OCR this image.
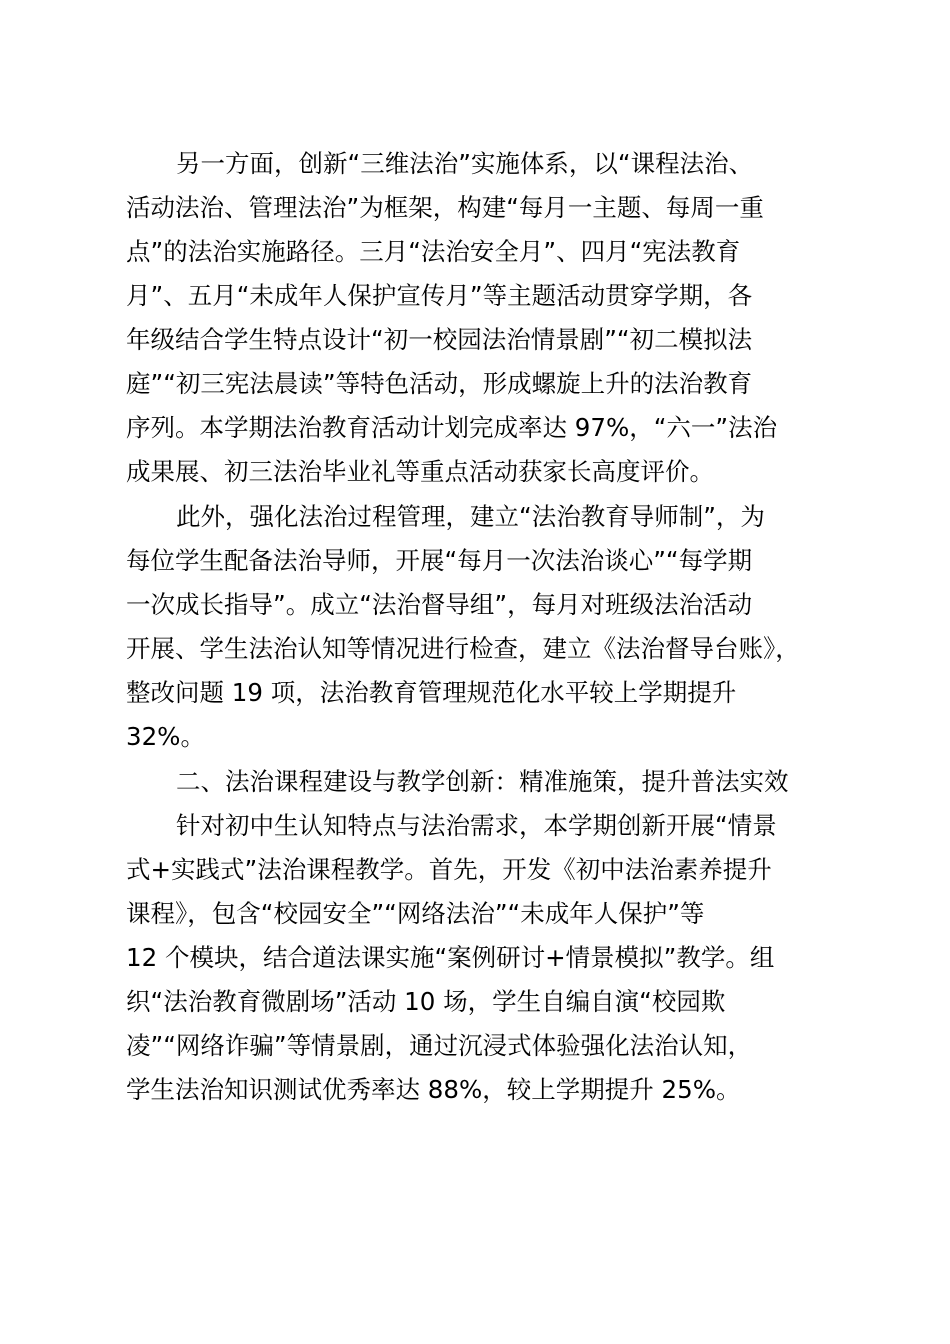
另一方面，创新“三维法治”实施体系，以“课程法治、
活动法治、管理法治”为框架，构建“每月一主题、每周一重
点”的法治实施路径。三月“法治安全月”、四月“宪法教育
月”、五月“未成年人保护宣传月”等主题活动贯穿学期，各
年级结合学生特点设计“初一校园法治情景剧”“初二模拟法
庭”“初三宪法晨读”等特色活动，形成螺旋上升的法治教育
序列。本学期法治教育活动计划完成率达 97%，“六一”法治
成果展、初三法治毕业礼等重点活动获家长高度评价。
此外，强化法治过程管理，建立“法治教育导师制”，为
每位学生配备法治导师，开展“每月一次法治谈心”“每学期
一次成长指导”。成立“法治督导组”，每月对班级法治活动
开展、学生法治认知等情况进行检查，建立《法治督导台账》，
整改问题 19 项，法治教育管理规范化水平较上学期提升
32%。
二、法治课程建设与教学创新：精准施策，提升普法实效
针对初中生认知特点与法治需求，本学期创新开展“情景
式+实践式”法治课程教学。首先，开发《初中法治素养提升
课程》，包含“校园安全”“网络法治”“未成年人保护”等
12 个模块，结合道法课实施“案例研讨+情景模拟”教学。组
织“法治教育微剧场”活动 10 场，学生自编自演“校园欺
凌”“网络诈骗”等情景剧，通过沉浸式体验强化法治认知，
学生法治知识测试优秀率达 88%，较上学期提升 25%。
